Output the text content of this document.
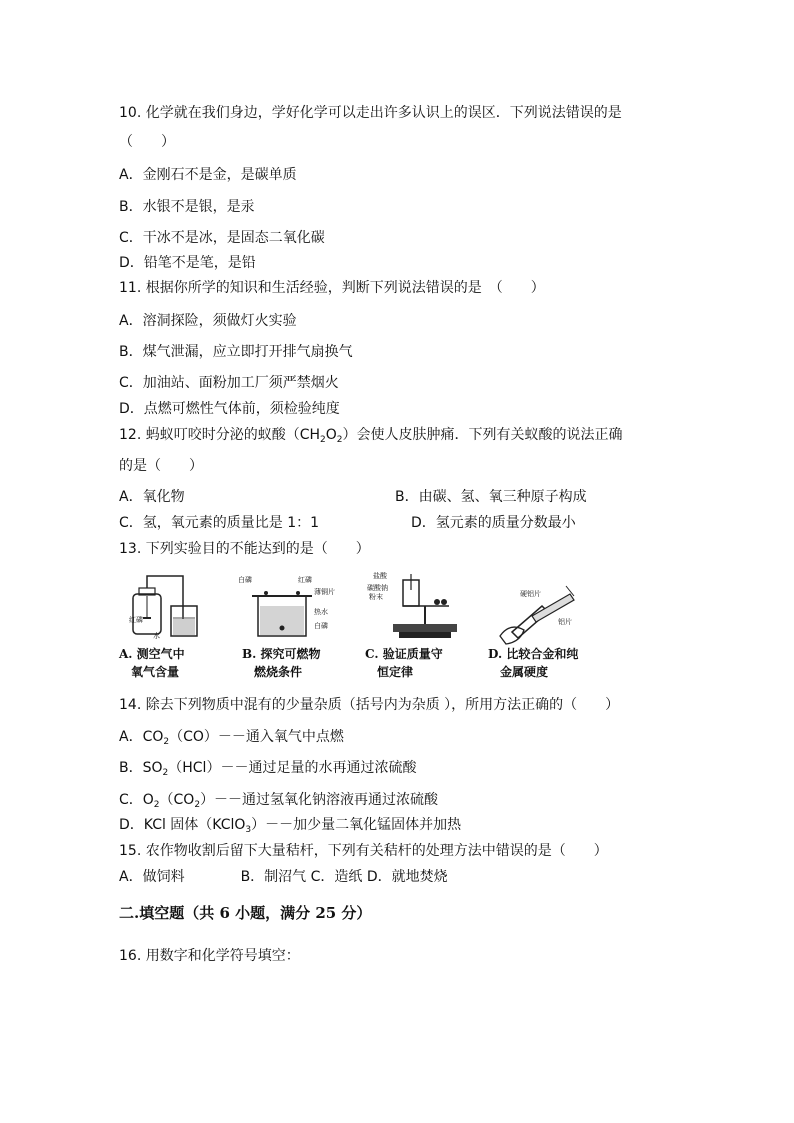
10. 化学就在我们身边，学好化学可以走出许多认识上的误区．下列说法错误的是
（　　）
A．金刚石不是金，是碳单质
B．水银不是银，是汞
C．干冰不是冰，是固态二氧化碳
D．铅笔不是笔，是铅
11. 根据你所学的知识和生活经验，判断下列说法错误的是　（　　）
A．溶洞探险，须做灯火实验
B．煤气泄漏，应立即打开排气扇换气
C．加油站、面粉加工厂须严禁烟火
D．点燃可燃性气体前，须检验纯度
12. 蚂蚁叮咬时分泌的蚁酸$(CH_2O_2)$会使人皮肤肿痛．下列有关蚁酸的说法正确
的是（　　）
A．氧化物	B．由碳、氢、氧三种原子构成
C．氢，氧元素的质量比是 1：1	D．氢元素的质量分数最小
13. 下列实验目的不能达到的是（　　）
红磷
水
A. 测空气中
氧气含量
白磷	红磷
薄铜片
热水
白磷
B. 探究可燃物
燃烧条件
盐酸
碳酸钠
粉末
C. 验证质量守
恒定律
硬铝片
铝片
D. 比较合金和纯
金属硬度
14. 除去下列物质中混有的少量杂质（括号内为杂质 ），所用方法正确的（　　）
A．$CO_2(CO)--$通入氧气中点燃
B．$SO_2(HCl)--$通过足量的水再通过浓硫酸
C．$O_2(CO_2)--$通过氢氧化钠溶液再通过浓硫酸
D．KCl 固体（KClO$_3$）－－加少量二氧化锰固体并加热
15. 农作物收割后留下大量秸杆，下列有关秸杆的处理方法中错误的是（　　）
A．做饲料　　　　B．制沼气 C．造纸 D．就地焚烧
二.填空题（共 6 小题，满分 25 分）
16. 用数字和化学符号填空：
